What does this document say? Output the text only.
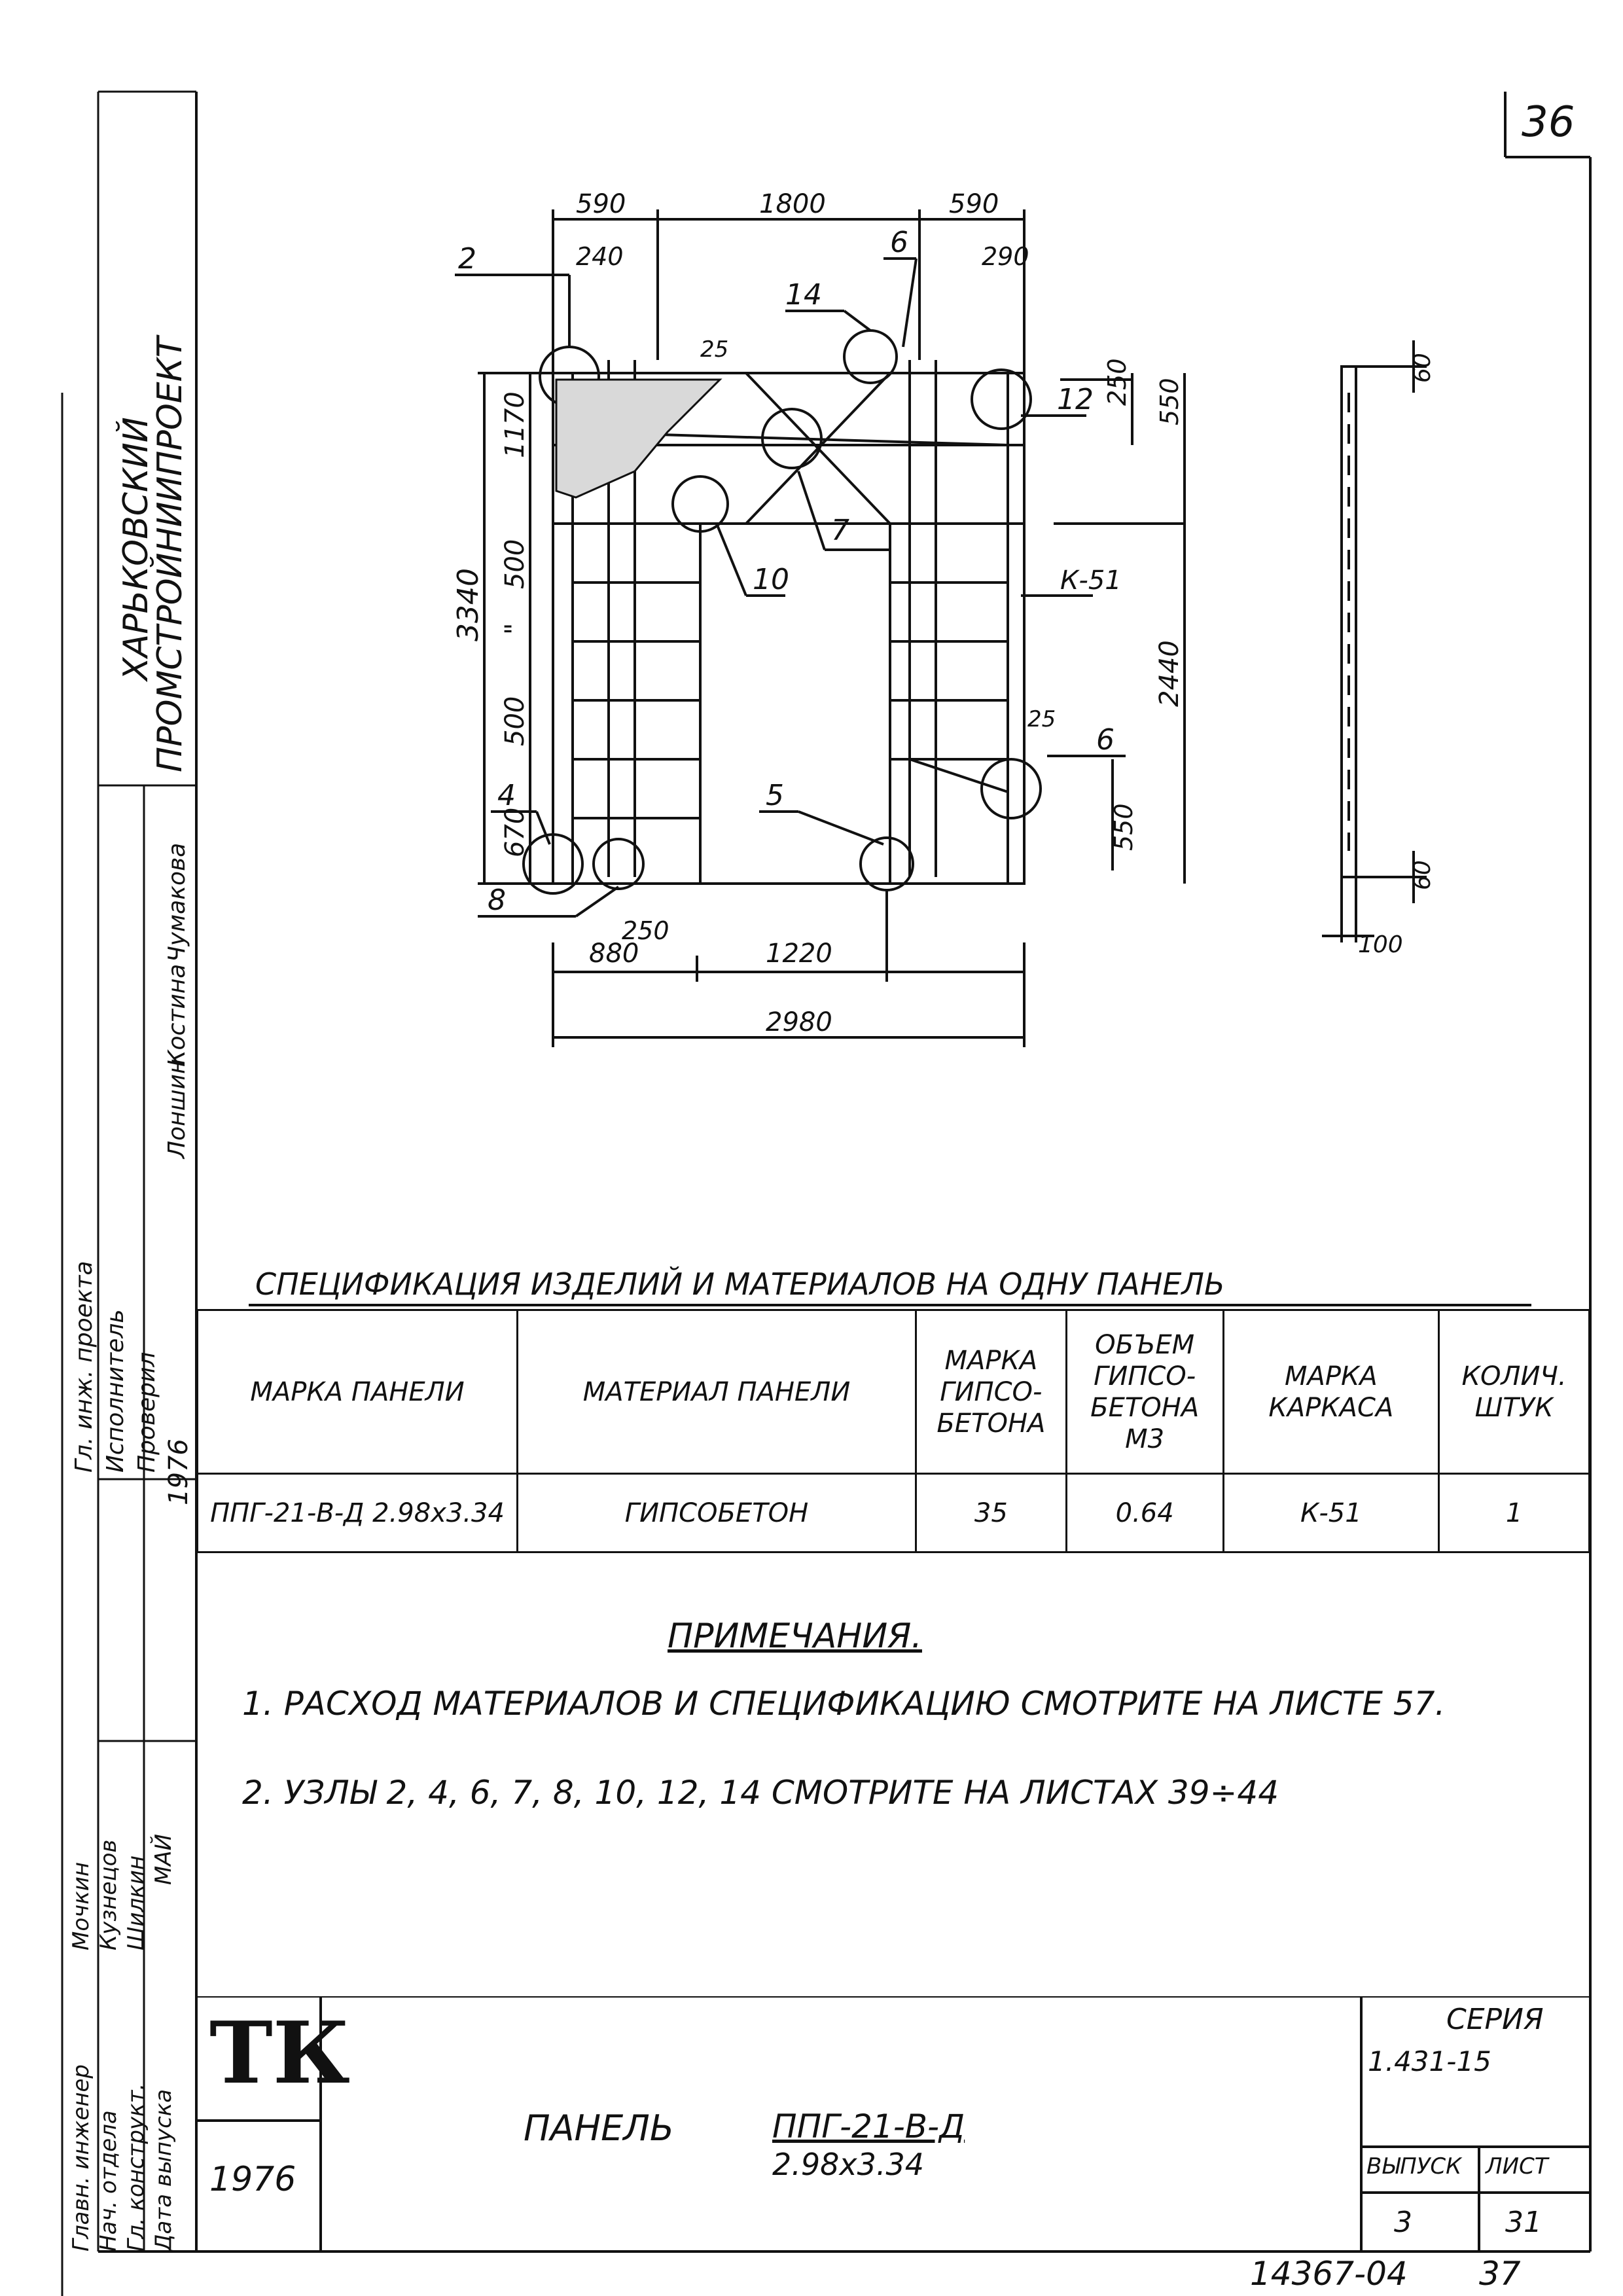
36
ХАРЬКОВСКИЙ
ПРОМСТРОЙНИИПРОЕКТ
Гл. инж. проекта Исполнитель Проверил
Лоншин
Костина
Чумакова
1976
Главн. инженер Нач. отдела Гл. конструкт. Дата выпуска
Мочкин Кузнецов Шилкин МАЙ
590	1800	590
240	290
2
14
6
12
7
10
4
8
5
6
К-51
25
25
250
880	1220
2980
3340
1170
500
"
500
670
250 550
2440
550
60
60
100
СПЕЦИФИКАЦИЯ ИЗДЕЛИЙ И МАТЕРИАЛОВ НА ОДНУ ПАНЕЛЬ
МАРКА ПАНЕЛИ	МАТЕРИАЛ ПАНЕЛИ	МАРКА ГИПСО- БЕТОНА	ОБЪЕМ ГИПСО- БЕТОНА М3	МАРКА КАРКАСА	КОЛИЧ. ШТУК
ППГ-21-В-Д 2.98х3.34	ГИПСОБЕТОН	35	0.64	К-51	1
ПРИМЕЧАНИЯ.
1. РАСХОД МАТЕРИАЛОВ И СПЕЦИФИКАЦИЮ СМОТРИТЕ НА ЛИСТЕ 57.
2. УЗЛЫ 2, 4, 6, 7, 8, 10, 12, 14 СМОТРИТЕ НА ЛИСТАХ 39÷44
ТК
1976
ПАНЕЛЬ	ППГ-21-В-Д
2.98х3.34
СЕРИЯ
1.431-15
ВЫПУСК ЛИСТ
3	31
14367-04 37
